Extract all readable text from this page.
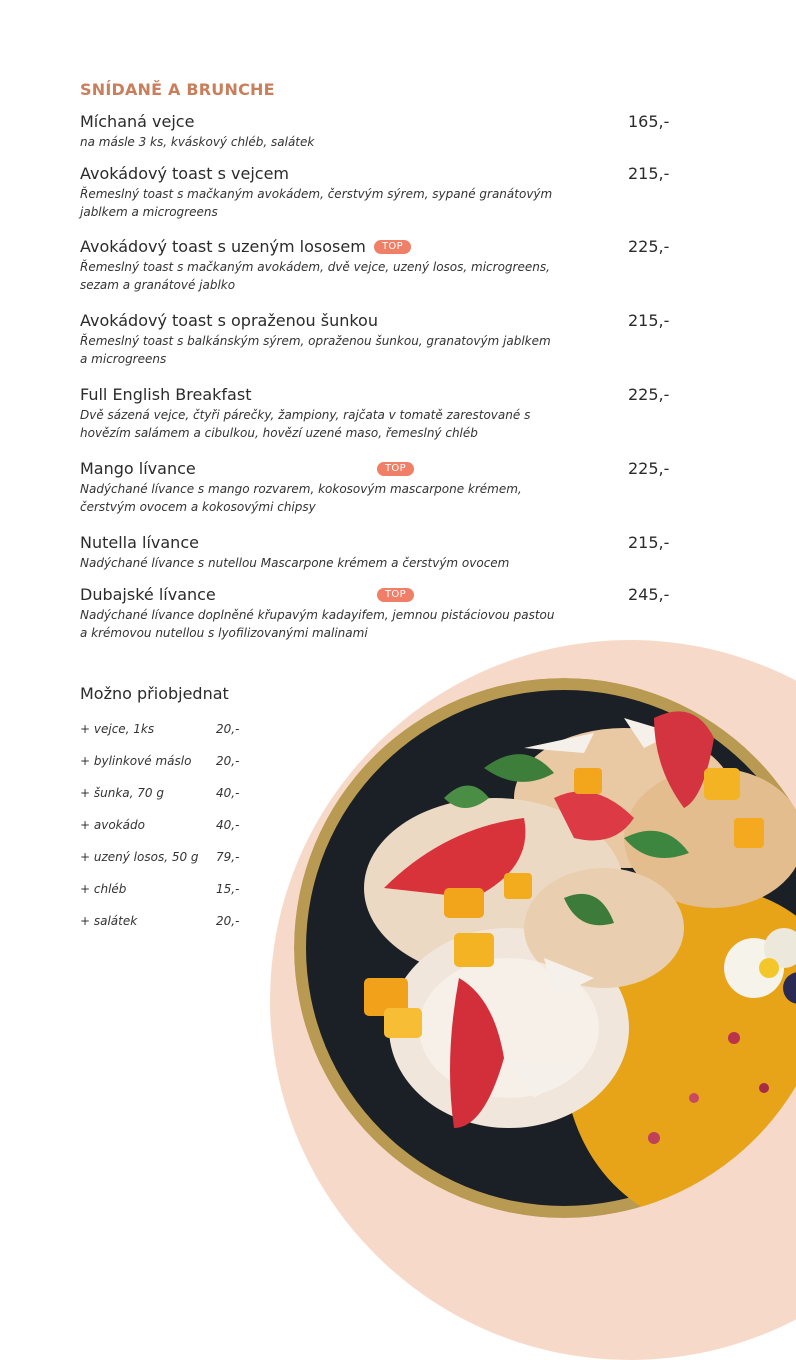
SNÍDANĚ A BRUNCHE
Míchaná vejce	165,-
na másle 3 ks, kváskový chléb, salátek
Avokádový toast s vejcem	215,-
Řemeslný toast s mačkaným avokádem, čerstvým sýrem, sypané granátovým jablkem a microgreens
Avokádový toast s uzeným lososem	TOP	225,-
Řemeslný toast s mačkaným avokádem, dvě vejce, uzený losos, microgreens, sezam a granátové jablko
Avokádový toast s opraženou šunkou	215,-
Řemeslný toast s balkánským sýrem, opraženou šunkou, granatovým jablkem a microgreens
Full English Breakfast	225,-
Dvě sázená vejce, čtyři párečky, žampiony, rajčata v tomatě zarestované s hovězím salámem a cibulkou, hovězí uzené maso, řemeslný chléb
Mango lívance	TOP	225,-
Nadýchané lívance s mango rozvarem, kokosovým mascarpone krémem, čerstvým ovocem a kokosovými chipsy
Nutella lívance	215,-
Nadýchané lívance s nutellou Mascarpone krémem a čerstvým ovocem
Dubajské lívance	TOP	245,-
Nadýchané lívance doplněné křupavým kadayifem, jemnou pistáciovou pastou a krémovou nutellou s lyofilizovanými malinami
Možno přiobjednat
+ vejce, 1ks	20,-
+ bylinkové máslo 20,-
+ šunka, 70 g	40,-
+ avokádo	40,-
+ uzený losos, 50 g 79,-
+ chléb	15,-
+ salátek	20,-
